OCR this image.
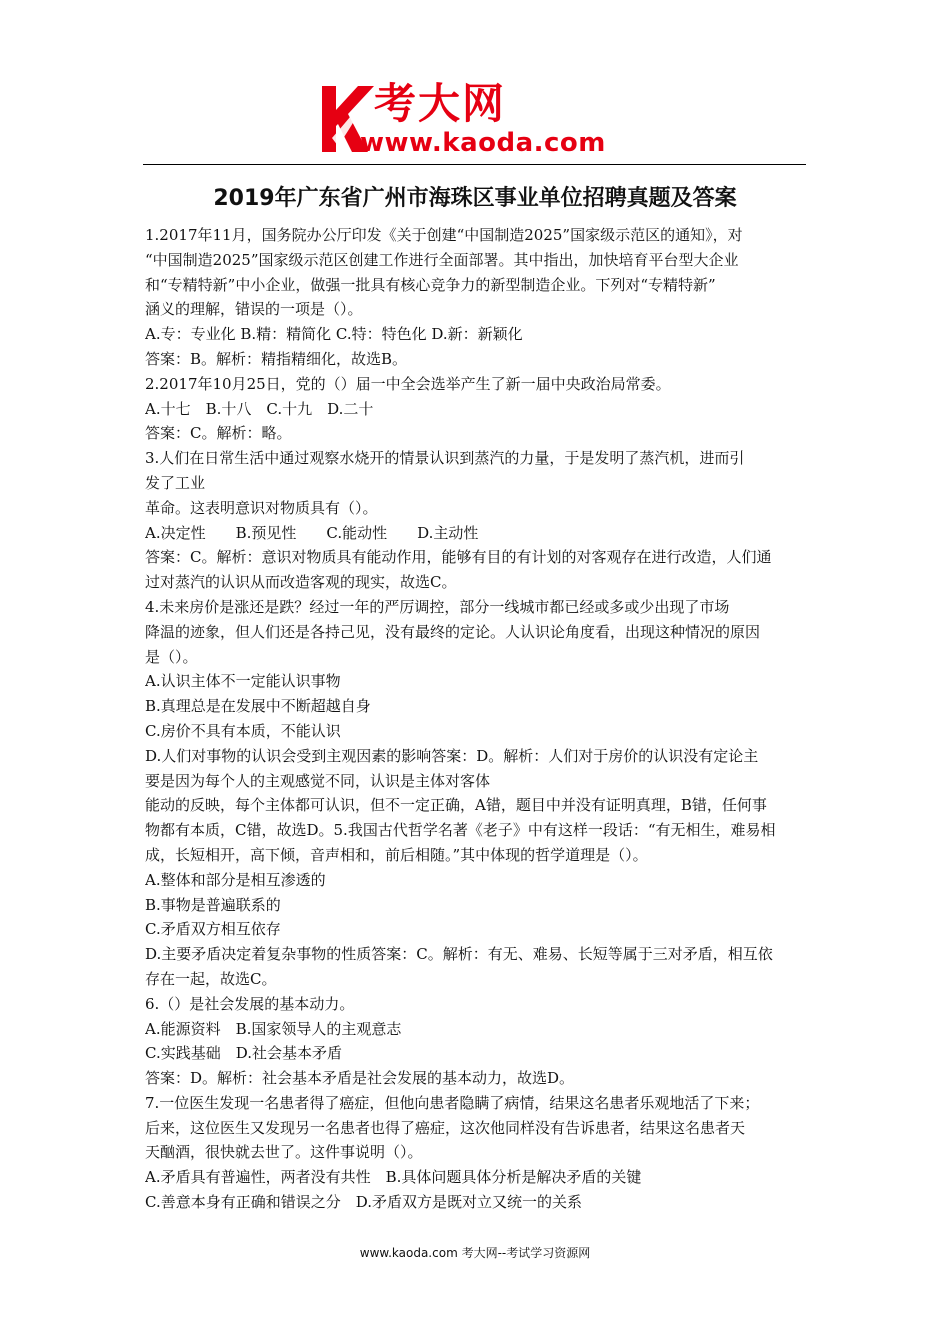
考大网
www.kaoda.com
2019年广东省广州市海珠区事业单位招聘真题及答案
1.2017年11月，国务院办公厅印发《关于创建“中国制造2025”国家级示范区的通知》，对
“中国制造2025”国家级示范区创建工作进行全面部署。其中指出，加快培育平台型大企业
和“专精特新”中小企业，做强一批具有核心竞争力的新型制造企业。下列对“专精特新”
涵义的理解，错误的一项是（）。
A.专：专业化 B.精：精简化 C.特：特色化 D.新：新颖化
答案：B。解析：精指精细化，故选B。
2.2017年10月25日，党的（）届一中全会选举产生了新一届中央政治局常委。
A.十七　B.十八　C.十九　D.二十
答案：C。解析：略。
3.人们在日常生活中通过观察水烧开的情景认识到蒸汽的力量，于是发明了蒸汽机，进而引
发了工业
革命。这表明意识对物质具有（）。
A.决定性　　B.预见性　　C.能动性　　D.主动性
答案：C。解析：意识对物质具有能动作用，能够有目的有计划的对客观存在进行改造，人们通
过对蒸汽的认识从而改造客观的现实，故选C。
4.未来房价是涨还是跌？经过一年的严厉调控，部分一线城市都已经或多或少出现了市场
降温的迹象，但人们还是各持己见，没有最终的定论。人认识论角度看，出现这种情况的原因
是（）。
A.认识主体不一定能认识事物
B.真理总是在发展中不断超越自身
C.房价不具有本质，不能认识
D.人们对事物的认识会受到主观因素的影响答案：D。解析：人们对于房价的认识没有定论主
要是因为每个人的主观感觉不同，认识是主体对客体
能动的反映，每个主体都可认识，但不一定正确，A错，题目中并没有证明真理，B错，任何事
物都有本质，C错，故选D。5.我国古代哲学名著《老子》中有这样一段话：“有无相生，难易相
成，长短相开，高下倾，音声相和，前后相随。”其中体现的哲学道理是（）。
A.整体和部分是相互渗透的
B.事物是普遍联系的
C.矛盾双方相互依存
D.主要矛盾决定着复杂事物的性质答案：C。解析：有无、难易、长短等属于三对矛盾，相互依
存在一起，故选C。
6.（）是社会发展的基本动力。
A.能源资料　B.国家领导人的主观意志
C.实践基础　D.社会基本矛盾
答案：D。解析：社会基本矛盾是社会发展的基本动力，故选D。
7.一位医生发现一名患者得了癌症，但他向患者隐瞒了病情，结果这名患者乐观地活了下来；
后来，这位医生又发现另一名患者也得了癌症，这次他同样没有告诉患者，结果这名患者天
天酗酒，很快就去世了。这件事说明（）。
A.矛盾具有普遍性，两者没有共性　B.具体问题具体分析是解决矛盾的关键
C.善意本身有正确和错误之分　D.矛盾双方是既对立又统一的关系
www.kaoda.com 考大网--考试学习资源网
